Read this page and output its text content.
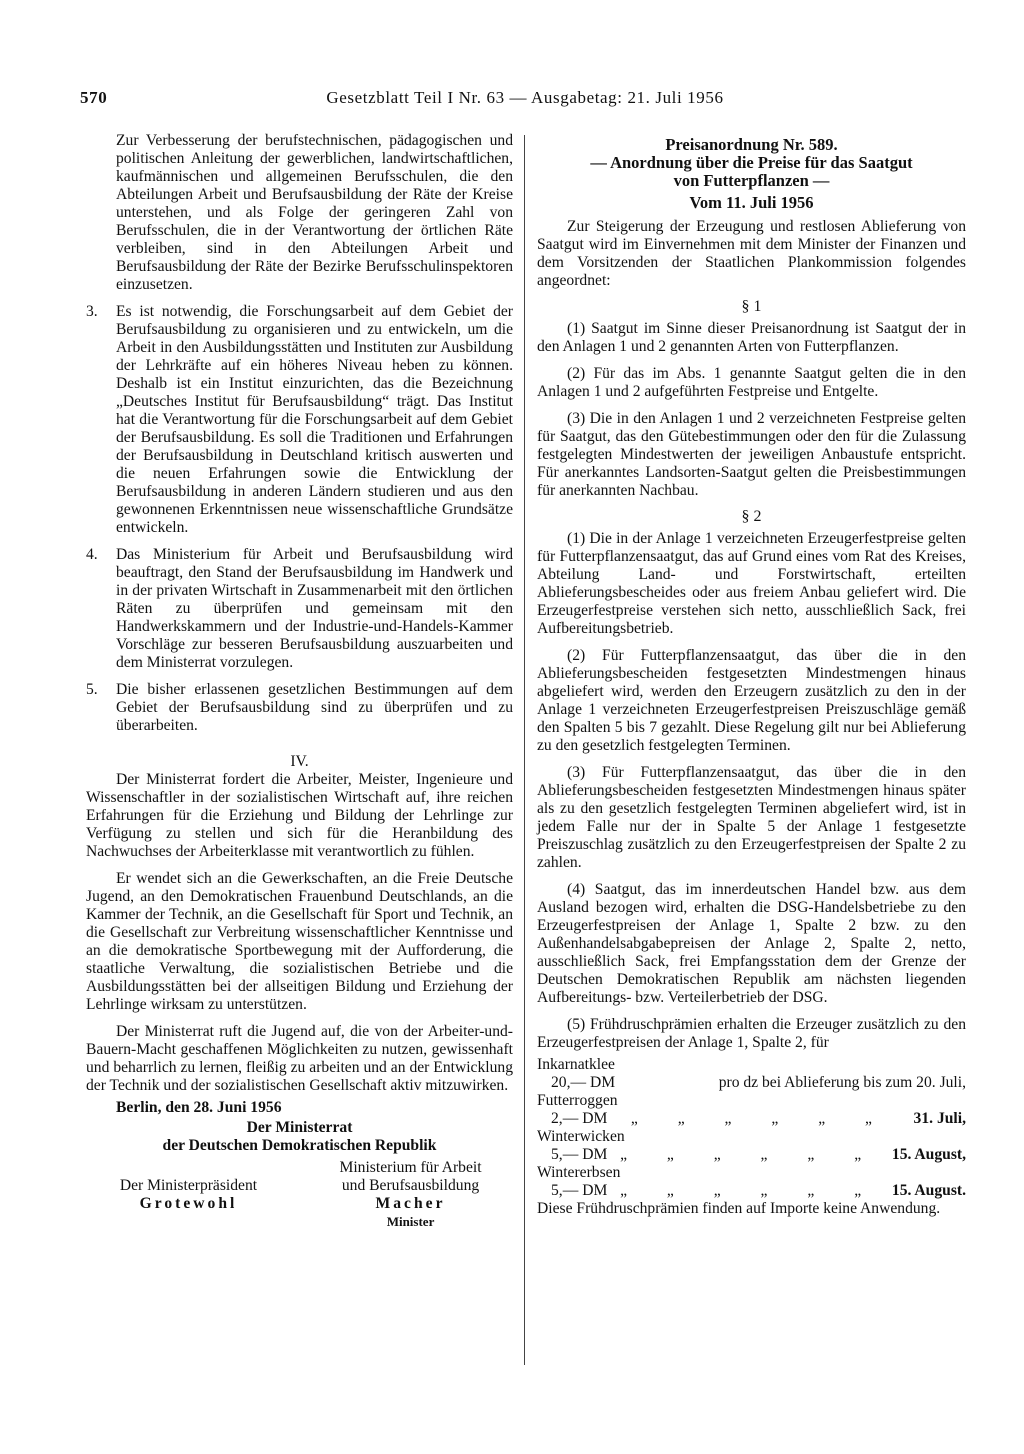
570	Gesetzblatt Teil I Nr. 63 — Ausgabetag: 21. Juli 1956

Zur Verbesserung der berufstechnischen, pädagogischen und politischen Anleitung der gewerblichen, landwirtschaftlichen, kaufmännischen und allgemeinen Berufsschulen, die den Abteilungen Arbeit und Berufsausbildung der Räte der Kreise unterstehen, und als Folge der geringeren Zahl von Berufsschulen, die in der Verantwortung der örtlichen Räte verbleiben, sind in den Abteilungen Arbeit und Berufsausbildung der Räte der Bezirke Berufsschulinspektoren einzusetzen.

3. Es ist notwendig, die Forschungsarbeit auf dem Gebiet der Berufsausbildung zu organisieren und zu entwickeln, um die Arbeit in den Ausbildungsstätten und Instituten zur Ausbildung der Lehrkräfte auf ein höheres Niveau heben zu können. Deshalb ist ein Institut einzurichten, das die Bezeichnung „Deutsches Institut für Berufsausbildung“ trägt. Das Institut hat die Verantwortung für die Forschungsarbeit auf dem Gebiet der Berufsausbildung. Es soll die Traditionen und Erfahrungen der Berufsausbildung in Deutschland kritisch auswerten und die neuen Erfahrungen sowie die Entwicklung der Berufsausbildung in anderen Ländern studieren und aus den gewonnenen Erkenntnissen neue wissenschaftliche Grundsätze entwickeln.

4. Das Ministerium für Arbeit und Berufsausbildung wird beauftragt, den Stand der Berufsausbildung im Handwerk und in der privaten Wirtschaft in Zusammenarbeit mit den örtlichen Räten zu überprüfen und gemeinsam mit den Handwerkskammern und der Industrie-und-Handels-Kammer Vorschläge zur besseren Berufsausbildung auszuarbeiten und dem Ministerrat vorzulegen.

5. Die bisher erlassenen gesetzlichen Bestimmungen auf dem Gebiet der Berufsausbildung sind zu überprüfen und zu überarbeiten.

IV.

Der Ministerrat fordert die Arbeiter, Meister, Ingenieure und Wissenschaftler in der sozialistischen Wirtschaft auf, ihre reichen Erfahrungen für die Erziehung und Bildung der Lehrlinge zur Verfügung zu stellen und sich für die Heranbildung des Nachwuchses der Arbeiterklasse mit verantwortlich zu fühlen.

Er wendet sich an die Gewerkschaften, an die Freie Deutsche Jugend, an den Demokratischen Frauenbund Deutschlands, an die Kammer der Technik, an die Gesellschaft für Sport und Technik, an die Gesellschaft zur Verbreitung wissenschaftlicher Kenntnisse und an die demokratische Sportbewegung mit der Aufforderung, die staatliche Verwaltung, die sozialistischen Betriebe und die Ausbildungsstätten bei der allseitigen Bildung und Erziehung der Lehrlinge wirksam zu unterstützen.

Der Ministerrat ruft die Jugend auf, die von der Arbeiter-und-Bauern-Macht geschaffenen Möglichkeiten zu nutzen, gewissenhaft und beharrlich zu lernen, fleißig zu arbeiten und an der Entwicklung der Technik und der sozialistischen Gesellschaft aktiv mitzuwirken.

Berlin, den 28. Juni 1956

Der Ministerrat

der Deutschen Demokratischen Republik

Der Ministerpräsident

Grotewohl

Ministerium für Arbeit

und Berufsausbildung

Macher

Minister

Preisanordnung Nr. 589.

— Anordnung über die Preise für das Saatgut

von Futterpflanzen —

Vom 11. Juli 1956

Zur Steigerung der Erzeugung und restlosen Ablieferung von Saatgut wird im Einvernehmen mit dem Minister der Finanzen und dem Vorsitzenden der Staatlichen Plankommission folgendes angeordnet:

§ 1

(1) Saatgut im Sinne dieser Preisanordnung ist Saatgut der in den Anlagen 1 und 2 genannten Arten von Futterpflanzen.

(2) Für das im Abs. 1 genannte Saatgut gelten die in den Anlagen 1 und 2 aufgeführten Festpreise und Entgelte.

(3) Die in den Anlagen 1 und 2 verzeichneten Festpreise gelten für Saatgut, das den Gütebestimmungen oder den für die Zulassung festgelegten Mindestwerten der jeweiligen Anbaustufe entspricht. Für anerkanntes Landsorten-Saatgut gelten die Preisbestimmungen für anerkannten Nachbau.

§ 2

(1) Die in der Anlage 1 verzeichneten Erzeugerfestpreise gelten für Futterpflanzensaatgut, das auf Grund eines vom Rat des Kreises, Abteilung Land- und Forstwirtschaft, erteilten Ablieferungsbescheides oder aus freiem Anbau geliefert wird. Die Erzeugerfestpreise verstehen sich netto, ausschließlich Sack, frei Aufbereitungsbetrieb.

(2) Für Futterpflanzensaatgut, das über die in den Ablieferungsbescheiden festgesetzten Mindestmengen hinaus abgeliefert wird, werden den Erzeugern zusätzlich zu den in der Anlage 1 verzeichneten Erzeugerfestpreisen Preiszuschläge gemäß den Spalten 5 bis 7 gezahlt. Diese Regelung gilt nur bei Ablieferung zu den gesetzlich festgelegten Terminen.

(3) Für Futterpflanzensaatgut, das über die in den Ablieferungsbescheiden festgesetzten Mindestmengen hinaus später als zu den gesetzlich festgelegten Terminen abgeliefert wird, ist in jedem Falle nur der in Spalte 5 der Anlage 1 festgesetzte Preiszuschlag zusätzlich zu den Erzeugerfestpreisen der Spalte 2 zu zahlen.

(4) Saatgut, das im innerdeutschen Handel bzw. aus dem Ausland bezogen wird, erhalten die DSG-Handelsbetriebe zu den Erzeugerfestpreisen der Anlage 1, Spalte 2 bzw. zu den Außenhandelsabgabepreisen der Anlage 2, Spalte 2, netto, ausschließlich Sack, frei Empfangsstation dem der Grenze der Deutschen Demokratischen Republik am nächsten liegenden Aufbereitungs- bzw. Verteilerbetrieb der DSG.

(5) Frühdruschprämien erhalten die Erzeuger zusätzlich zu den Erzeugerfestpreisen der Anlage 1, Spalte 2, für

Inkarnatklee

20,— DM	pro dz bei Ablieferung bis zum 20. Juli,

Futterroggen

2,— DM „ „ „ „ „ „ 31. Juli,

Winterwicken

5,— DM „ „ „ „ „ „ 15. August,

Wintererbsen

5,— DM „ „ „ „ „ „ 15. August.

Diese Frühdruschprämien finden auf Importe keine Anwendung.
